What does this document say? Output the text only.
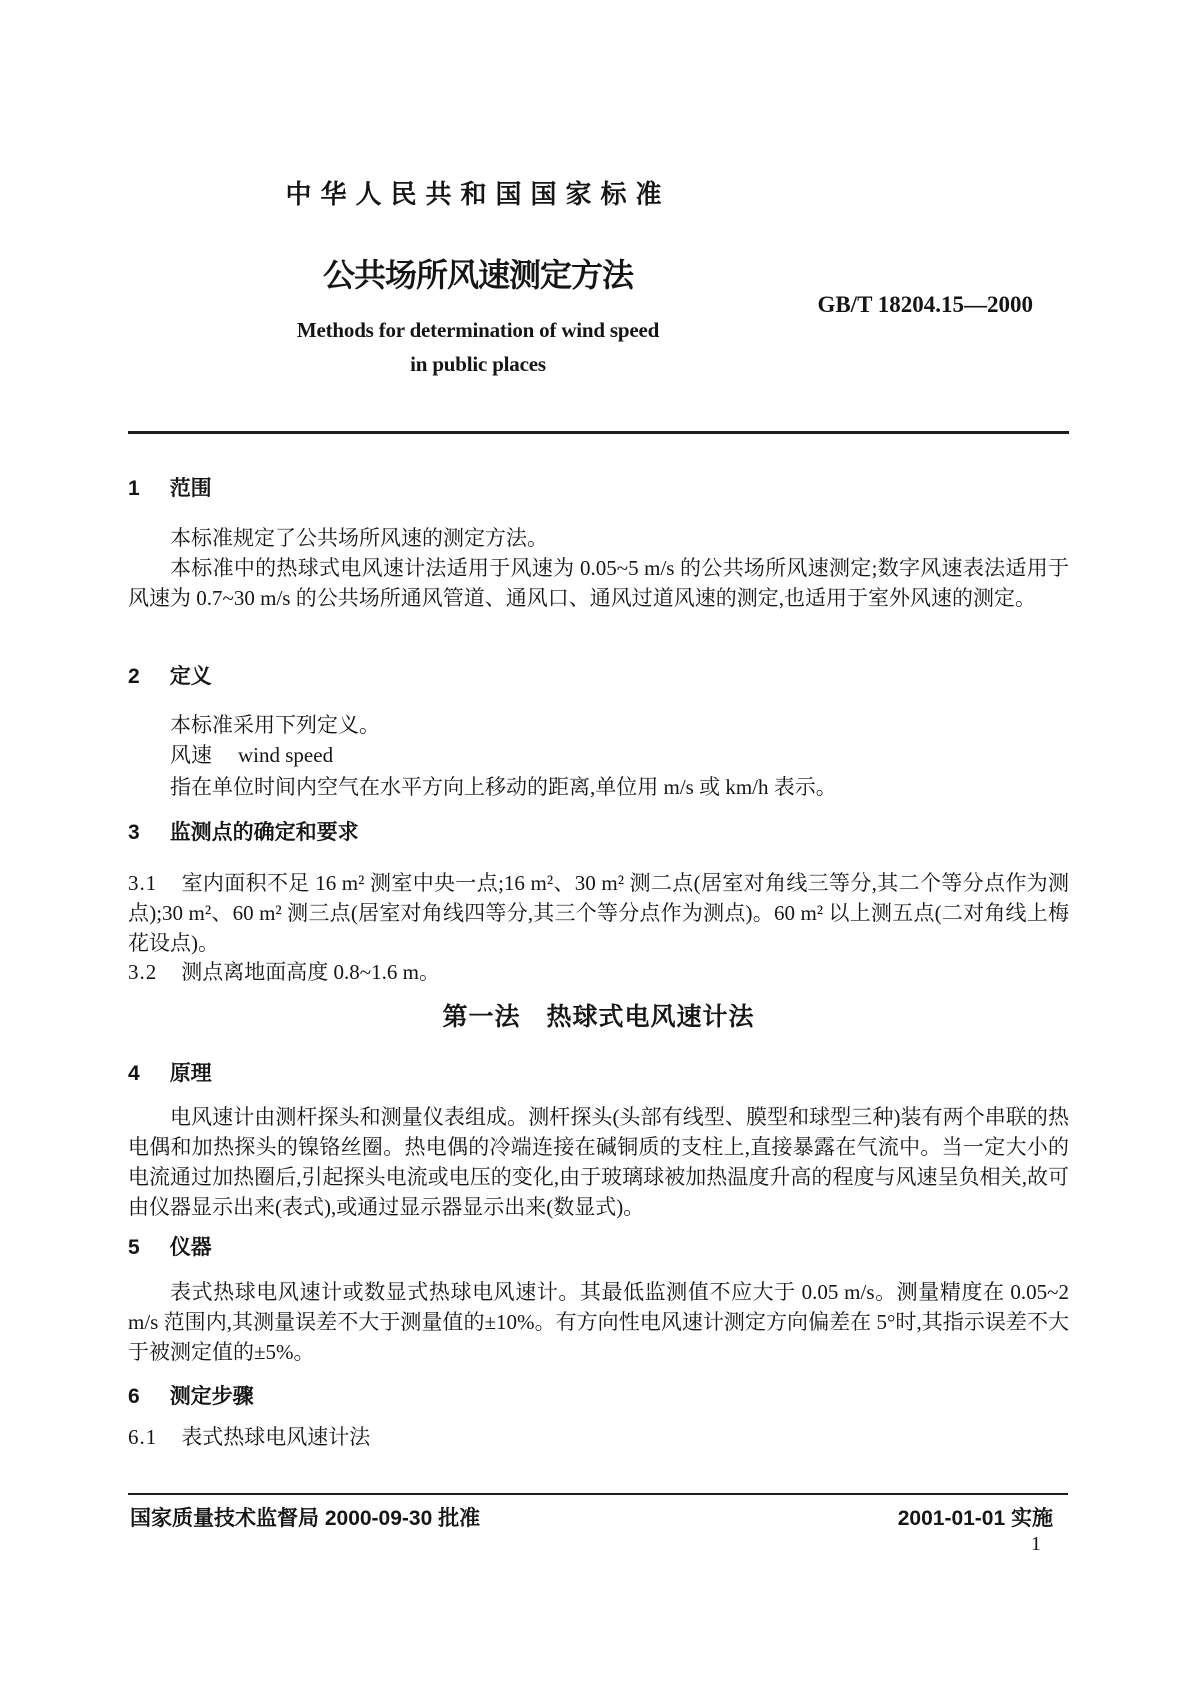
中华人民共和国国家标准
公共场所风速测定方法
GB/T 18204.15—2000
Methods for determination of wind speed
in public places
1 范围

本标准规定了公共场所风速的测定方法。

本标准中的热球式电风速计法适用于风速为 0.05~5 m/s 的公共场所风速测定;数字风速表法适用于风速为 0.7~30 m/s 的公共场所通风管道、通风口、通风过道风速的测定,也适用于室外风速的测定。

2 定义

本标准采用下列定义。

风速 wind speed

指在单位时间内空气在水平方向上移动的距离,单位用 m/s 或 km/h 表示。

3 监测点的确定和要求

3.1 室内面积不足 16 m² 测室中央一点;16 m²、30 m² 测二点(居室对角线三等分,其二个等分点作为测点);30 m²、60 m² 测三点(居室对角线四等分,其三个等分点作为测点)。60 m² 以上测五点(二对角线上梅花设点)。

3.2 测点离地面高度 0.8~1.6 m。

第一法　热球式电风速计法
4 原理

电风速计由测杆探头和测量仪表组成。测杆探头(头部有线型、膜型和球型三种)装有两个串联的热电偶和加热探头的镍铬丝圈。热电偶的冷端连接在碱铜质的支柱上,直接暴露在气流中。当一定大小的电流通过加热圈后,引起探头电流或电压的变化,由于玻璃球被加热温度升高的程度与风速呈负相关,故可由仪器显示出来(表式),或通过显示器显示出来(数显式)。

5 仪器

表式热球电风速计或数显式热球电风速计。其最低监测值不应大于 0.05 m/s。测量精度在 0.05~2 m/s 范围内,其测量误差不大于测量值的±10%。有方向性电风速计测定方向偏差在 5°时,其指示误差不大于被测定值的±5%。

6 测定步骤

6.1 表式热球电风速计法

国家质量技术监督局 2000-09-30 批准	2001-01-01 实施
1
